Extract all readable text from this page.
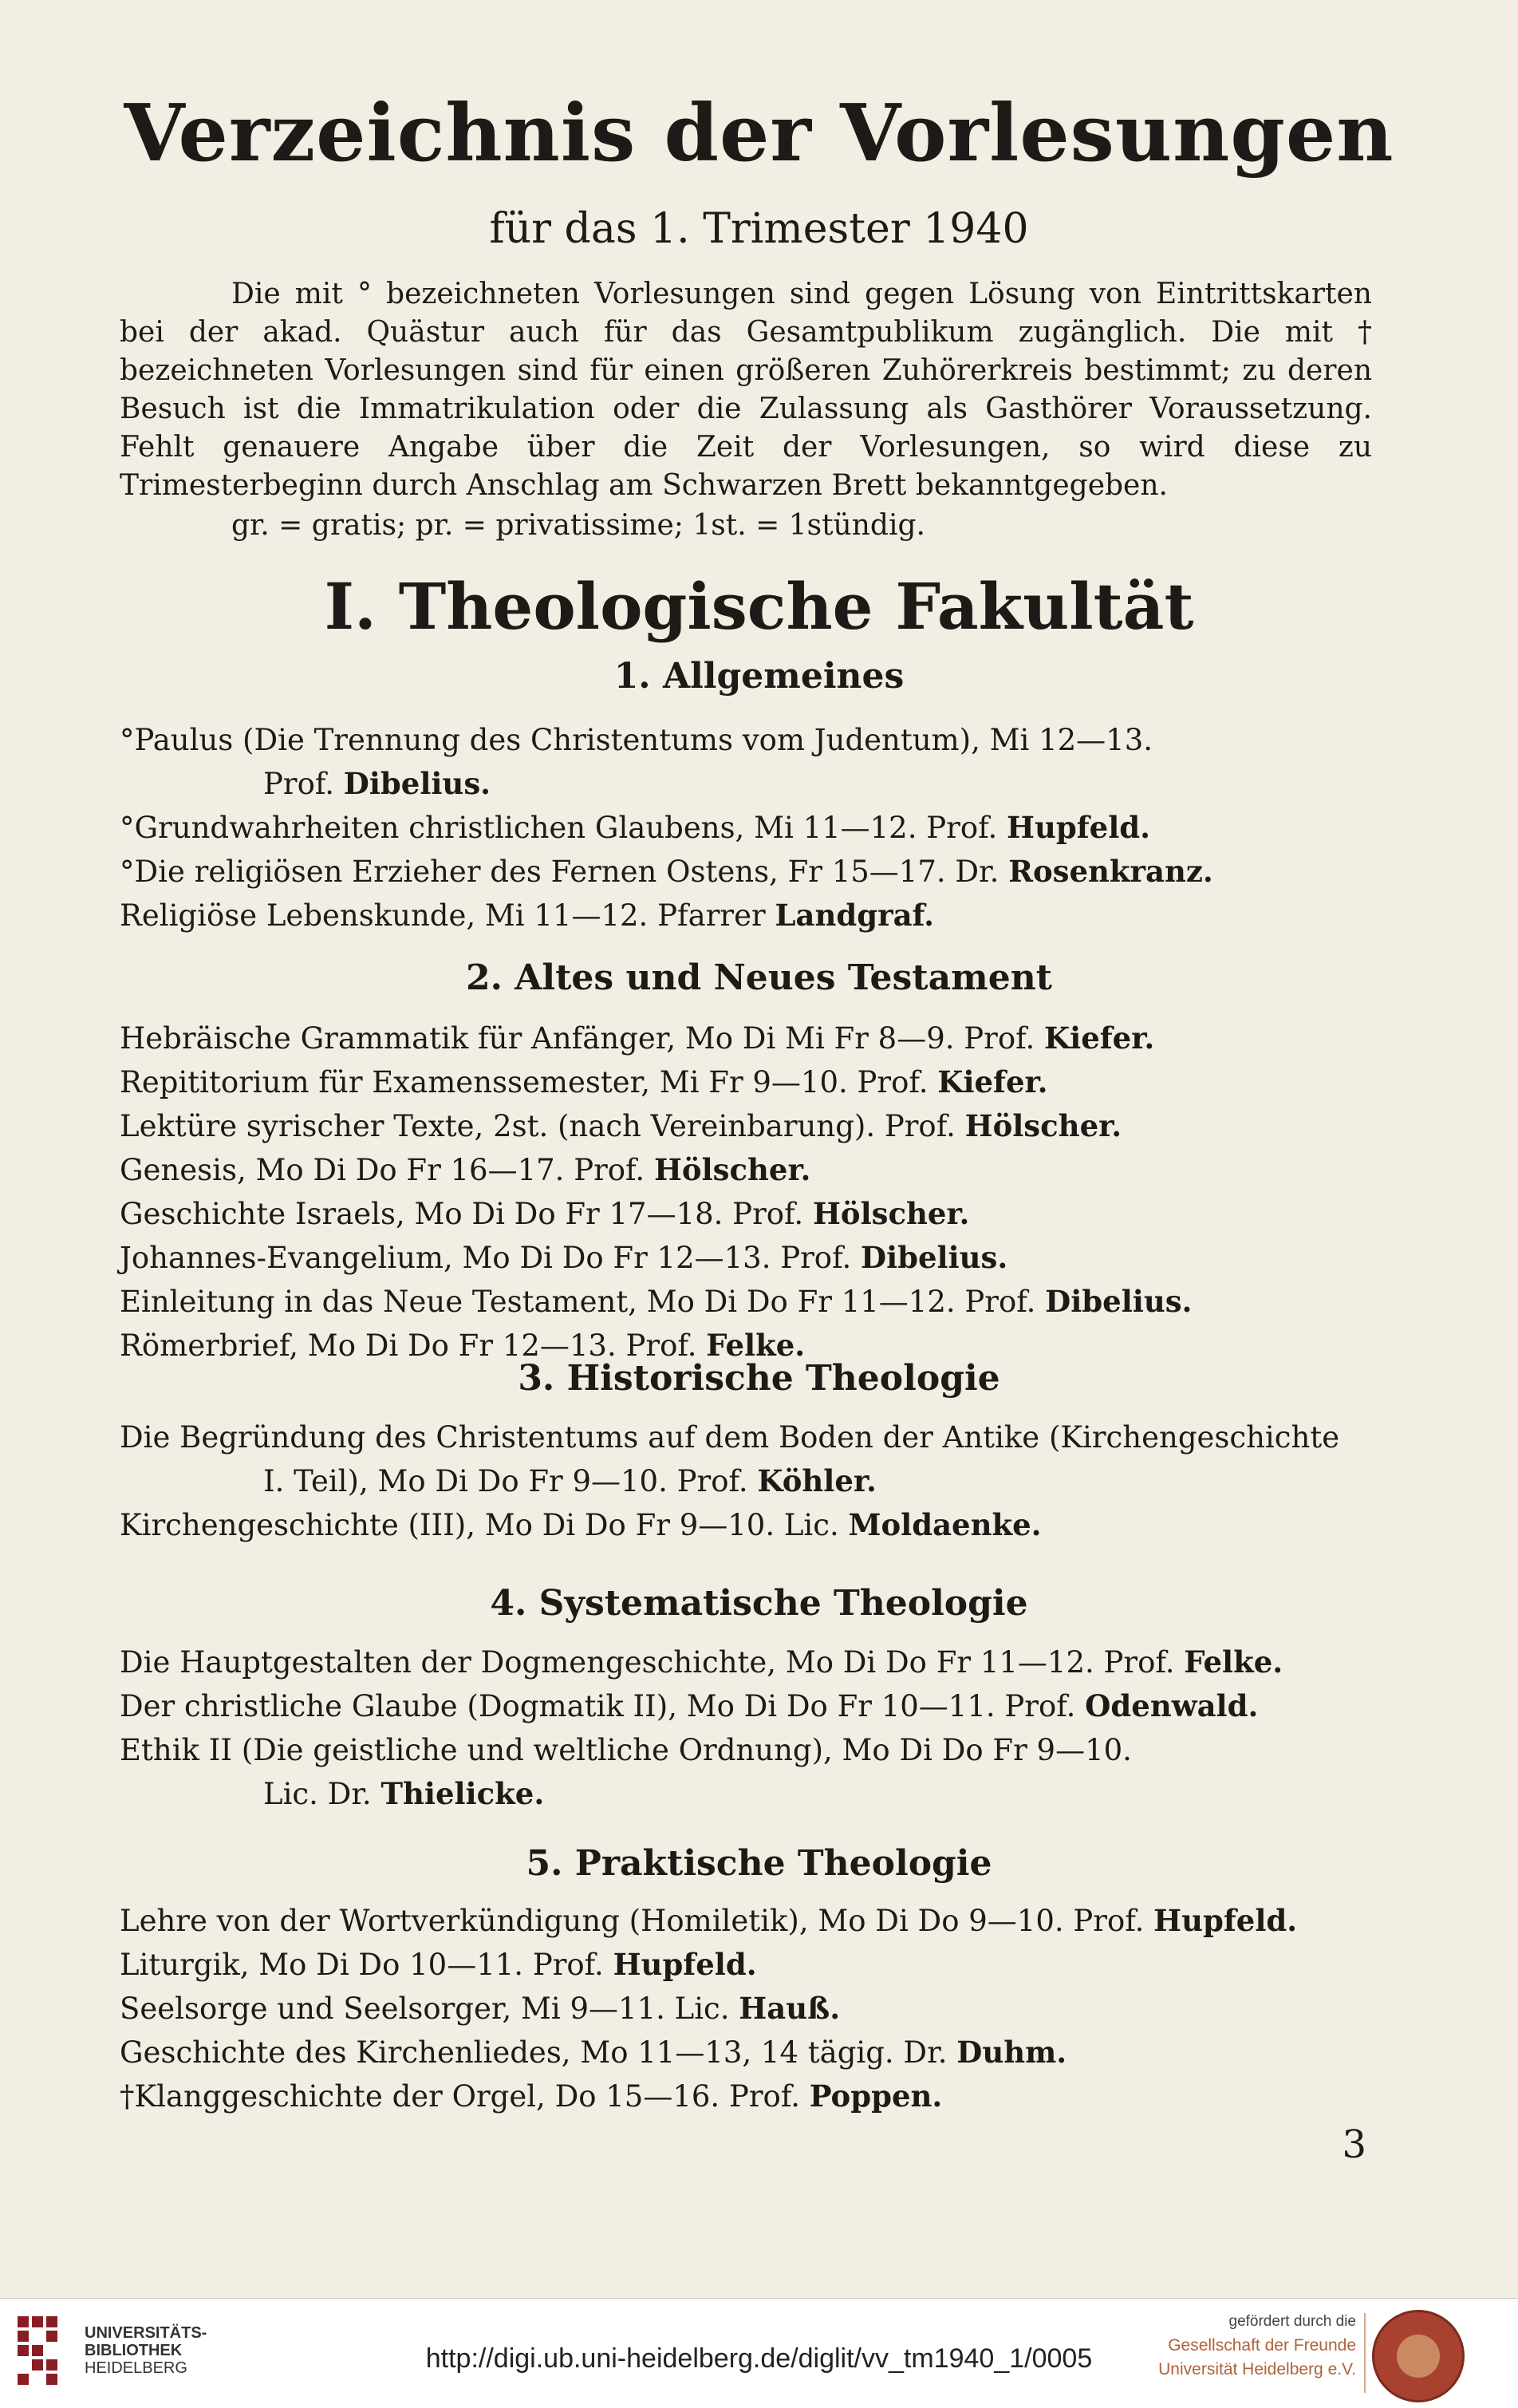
Verzeichnis der Vorlesungen
für das 1. Trimester 1940

Die mit ° bezeichneten Vorlesungen sind gegen Lösung von Eintrittskarten bei der akad. Quästur auch für das Gesamtpublikum zugänglich. Die mit † bezeichneten Vorlesungen sind für einen größeren Zuhörerkreis bestimmt; zu deren Besuch ist die Immatrikulation oder die Zulassung als Gasthörer Voraussetzung. Fehlt genauere Angabe über die Zeit der Vorlesungen, so wird diese zu Trimesterbeginn durch Anschlag am Schwarzen Brett bekanntgegeben.

gr. = gratis; pr. = privatissime; 1st. = 1stündig.
I. Theologische Fakultät
1. Allgemeines
°Paulus (Die Trennung des Christentums vom Judentum), Mi 12—13.
Prof. Dibelius.
°Grundwahrheiten christlichen Glaubens, Mi 11—12. Prof. Hupfeld.
°Die religiösen Erzieher des Fernen Ostens, Fr 15—17. Dr. Rosenkranz.
Religiöse Lebenskunde, Mi 11—12. Pfarrer Landgraf.
2. Altes und Neues Testament
Hebräische Grammatik für Anfänger, Mo Di Mi Fr 8—9. Prof. Kiefer.
Repititorium für Examenssemester, Mi Fr 9—10. Prof. Kiefer.
Lektüre syrischer Texte, 2st. (nach Vereinbarung). Prof. Hölscher.
Genesis, Mo Di Do Fr 16—17. Prof. Hölscher.
Geschichte Israels, Mo Di Do Fr 17—18. Prof. Hölscher.
Johannes-Evangelium, Mo Di Do Fr 12—13. Prof. Dibelius.
Einleitung in das Neue Testament, Mo Di Do Fr 11—12. Prof. Dibelius.
Römerbrief, Mo Di Do Fr 12—13. Prof. Felke.
3. Historische Theologie
Die Begründung des Christentums auf dem Boden der Antike (Kirchengeschichte
I. Teil), Mo Di Do Fr 9—10. Prof. Köhler.
Kirchengeschichte (III), Mo Di Do Fr 9—10. Lic. Moldaenke.
4. Systematische Theologie
Die Hauptgestalten der Dogmengeschichte, Mo Di Do Fr 11—12. Prof. Felke.
Der christliche Glaube (Dogmatik II), Mo Di Do Fr 10—11. Prof. Odenwald.
Ethik II (Die geistliche und weltliche Ordnung), Mo Di Do Fr 9—10.
Lic. Dr. Thielicke.
5. Praktische Theologie
Lehre von der Wortverkündigung (Homiletik), Mo Di Do 9—10. Prof. Hupfeld.
Liturgik, Mo Di Do 10—11. Prof. Hupfeld.
Seelsorge und Seelsorger, Mi 9—11. Lic. Hauß.
Geschichte des Kirchenliedes, Mo 11—13, 14 tägig. Dr. Duhm.
†Klanggeschichte der Orgel, Do 15—16. Prof. Poppen.
3
UNIVERSITÄTS-
BIBLIOTHEK
HEIDELBERG	http://digi.ub.uni-heidelberg.de/diglit/vv_tm1940_1/0005
gefördert durch die
Gesellschaft der Freunde
Universität Heidelberg e.V.
